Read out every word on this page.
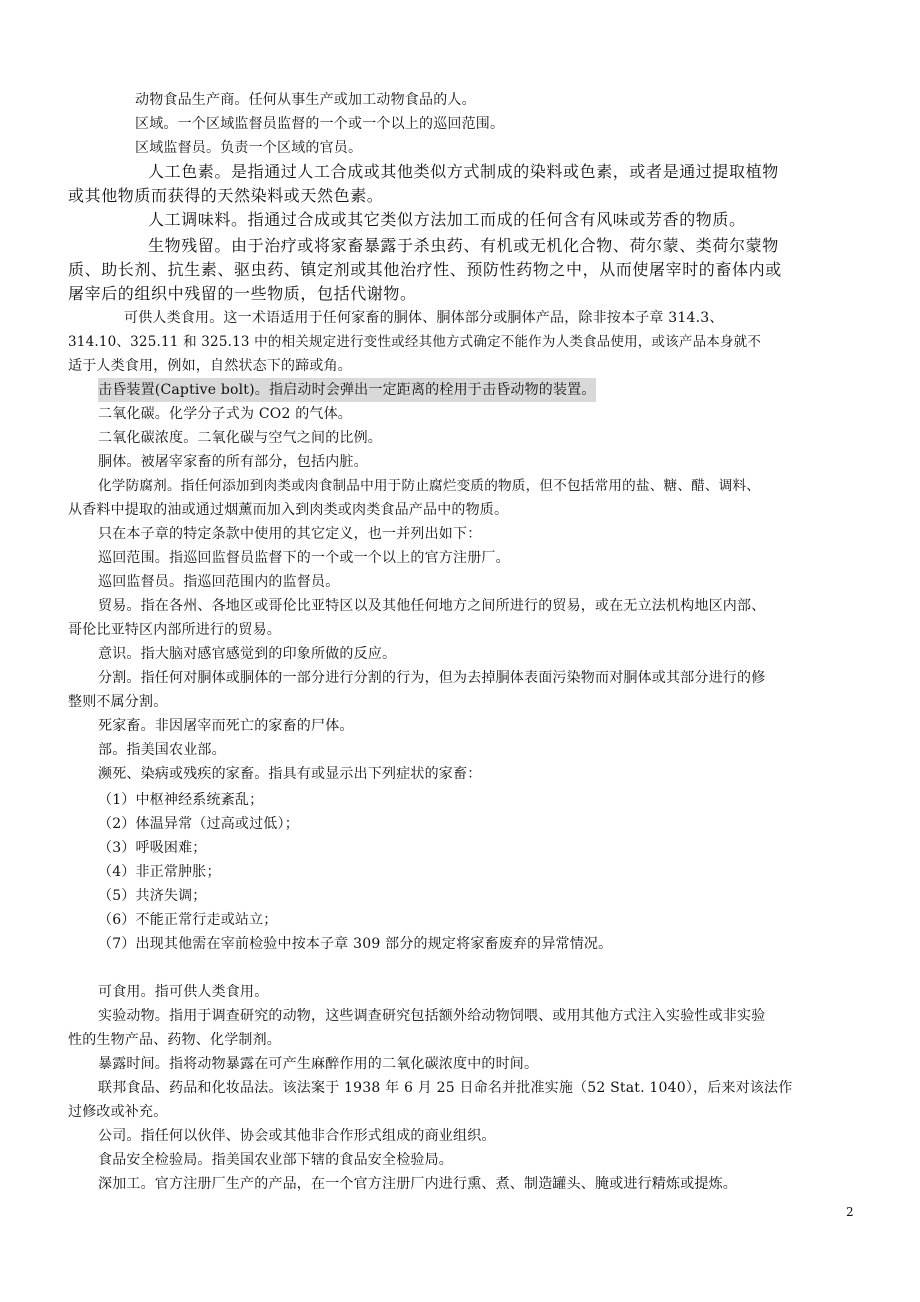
动物食品生产商。任何从事生产或加工动物食品的人。

区域。一个区域监督员监督的一个或一个以上的巡回范围。

区域监督员。负责一个区域的官员。

人工色素。是指通过人工合成或其他类似方式制成的染料或色素，或者是通过提取植物

或其他物质而获得的天然染料或天然色素。

人工调味料。指通过合成或其它类似方法加工而成的任何含有风味或芳香的物质。

生物残留。由于治疗或将家畜暴露于杀虫药、有机或无机化合物、荷尔蒙、类荷尔蒙物

质、助长剂、抗生素、驱虫药、镇定剂或其他治疗性、预防性药物之中，从而使屠宰时的畜体内或

屠宰后的组织中残留的一些物质，包括代谢物。

可供人类食用。这一术语适用于任何家畜的胴体、胴体部分或胴体产品，除非按本子章 314.3、

314.10、325.11 和 325.13 中的相关规定进行变性或经其他方式确定不能作为人类食品使用，或该产品本身就不

适于人类食用，例如，自然状态下的蹄或角。

击昏装置(Captive bolt)。指启动时会弹出一定距离的栓用于击昏动物的装置。

二氧化碳。化学分子式为 CO2 的气体。

二氧化碳浓度。二氧化碳与空气之间的比例。

胴体。被屠宰家畜的所有部分，包括内脏。

化学防腐剂。指任何添加到肉类或肉食制品中用于防止腐烂变质的物质，但不包括常用的盐、糖、醋、调料、

从香料中提取的油或通过烟薰而加入到肉类或肉类食品产品中的物质。

只在本子章的特定条款中使用的其它定义，也一并列出如下：

巡回范围。指巡回监督员监督下的一个或一个以上的官方注册厂。

巡回监督员。指巡回范围内的监督员。

贸易。指在各州、各地区或哥伦比亚特区以及其他任何地方之间所进行的贸易，或在无立法机构地区内部、

哥伦比亚特区内部所进行的贸易。

意识。指大脑对感官感觉到的印象所做的反应。

分割。指任何对胴体或胴体的一部分进行分割的行为，但为去掉胴体表面污染物而对胴体或其部分进行的修

整则不属分割。

死家畜。非因屠宰而死亡的家畜的尸体。

部。指美国农业部。

濒死、染病或残疾的家畜。指具有或显示出下列症状的家畜：

（1）中枢神经系统紊乱；

（2）体温异常（过高或过低）；

（3）呼吸困难；

（4）非正常肿胀；

（5）共济失调；

（6）不能正常行走或站立；

（7）出现其他需在宰前检验中按本子章 309 部分的规定将家畜废弃的异常情况。

可食用。指可供人类食用。

实验动物。指用于调查研究的动物，这些调查研究包括额外给动物饲喂、或用其他方式注入实验性或非实验

性的生物产品、药物、化学制剂。

暴露时间。指将动物暴露在可产生麻醉作用的二氧化碳浓度中的时间。

联邦食品、药品和化妆品法。该法案于 1938 年 6 月 25 日命名并批准实施（52 Stat. 1040），后来对该法作

过修改或补充。

公司。指任何以伙伴、协会或其他非合作形式组成的商业组织。

食品安全检验局。指美国农业部下辖的食品安全检验局。

深加工。官方注册厂生产的产品，在一个官方注册厂内进行熏、煮、制造罐头、腌或进行精炼或提炼。

2
